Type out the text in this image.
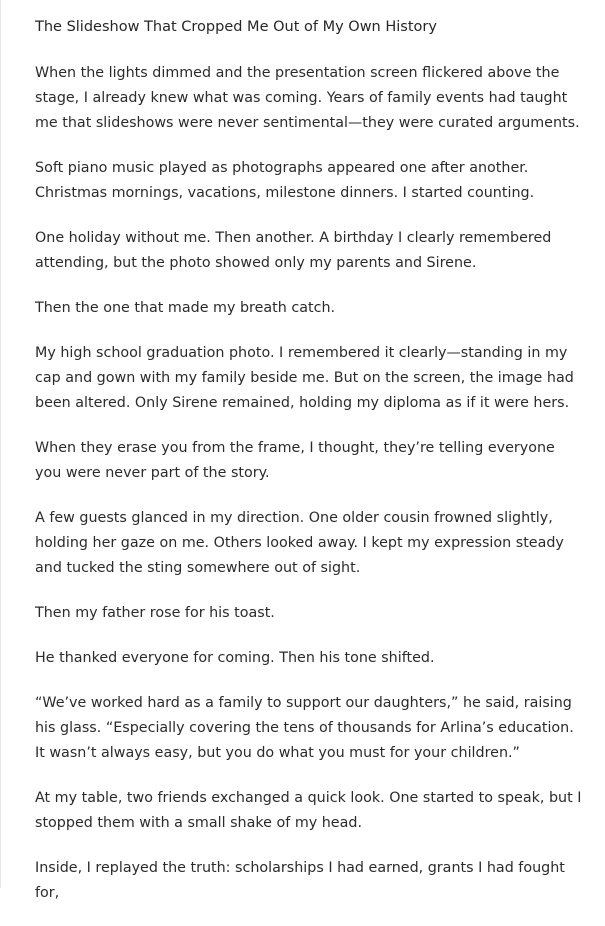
The Slideshow That Cropped Me Out of My Own History

When the lights dimmed and the presentation screen flickered above the stage, I already knew what was coming. Years of family events had taught me that slideshows were never sentimental—they were curated arguments.

Soft piano music played as photographs appeared one after another. Christmas mornings, vacations, milestone dinners. I started counting.

One holiday without me. Then another. A birthday I clearly remembered attending, but the photo showed only my parents and Sirene.

Then the one that made my breath catch.

My high school graduation photo. I remembered it clearly—standing in my cap and gown with my family beside me. But on the screen, the image had been altered. Only Sirene remained, holding my diploma as if it were hers.

When they erase you from the frame, I thought, they’re telling everyone you were never part of the story.

A few guests glanced in my direction. One older cousin frowned slightly, holding her gaze on me. Others looked away. I kept my expression steady and tucked the sting somewhere out of sight.

Then my father rose for his toast.

He thanked everyone for coming. Then his tone shifted.

“We’ve worked hard as a family to support our daughters,” he said, raising his glass. “Especially covering the tens of thousands for Arlina’s education. It wasn’t always easy, but you do what you must for your children.”

At my table, two friends exchanged a quick look. One started to speak, but I stopped them with a small shake of my head.

Inside, I replayed the truth: scholarships I had earned, grants I had fought for,
